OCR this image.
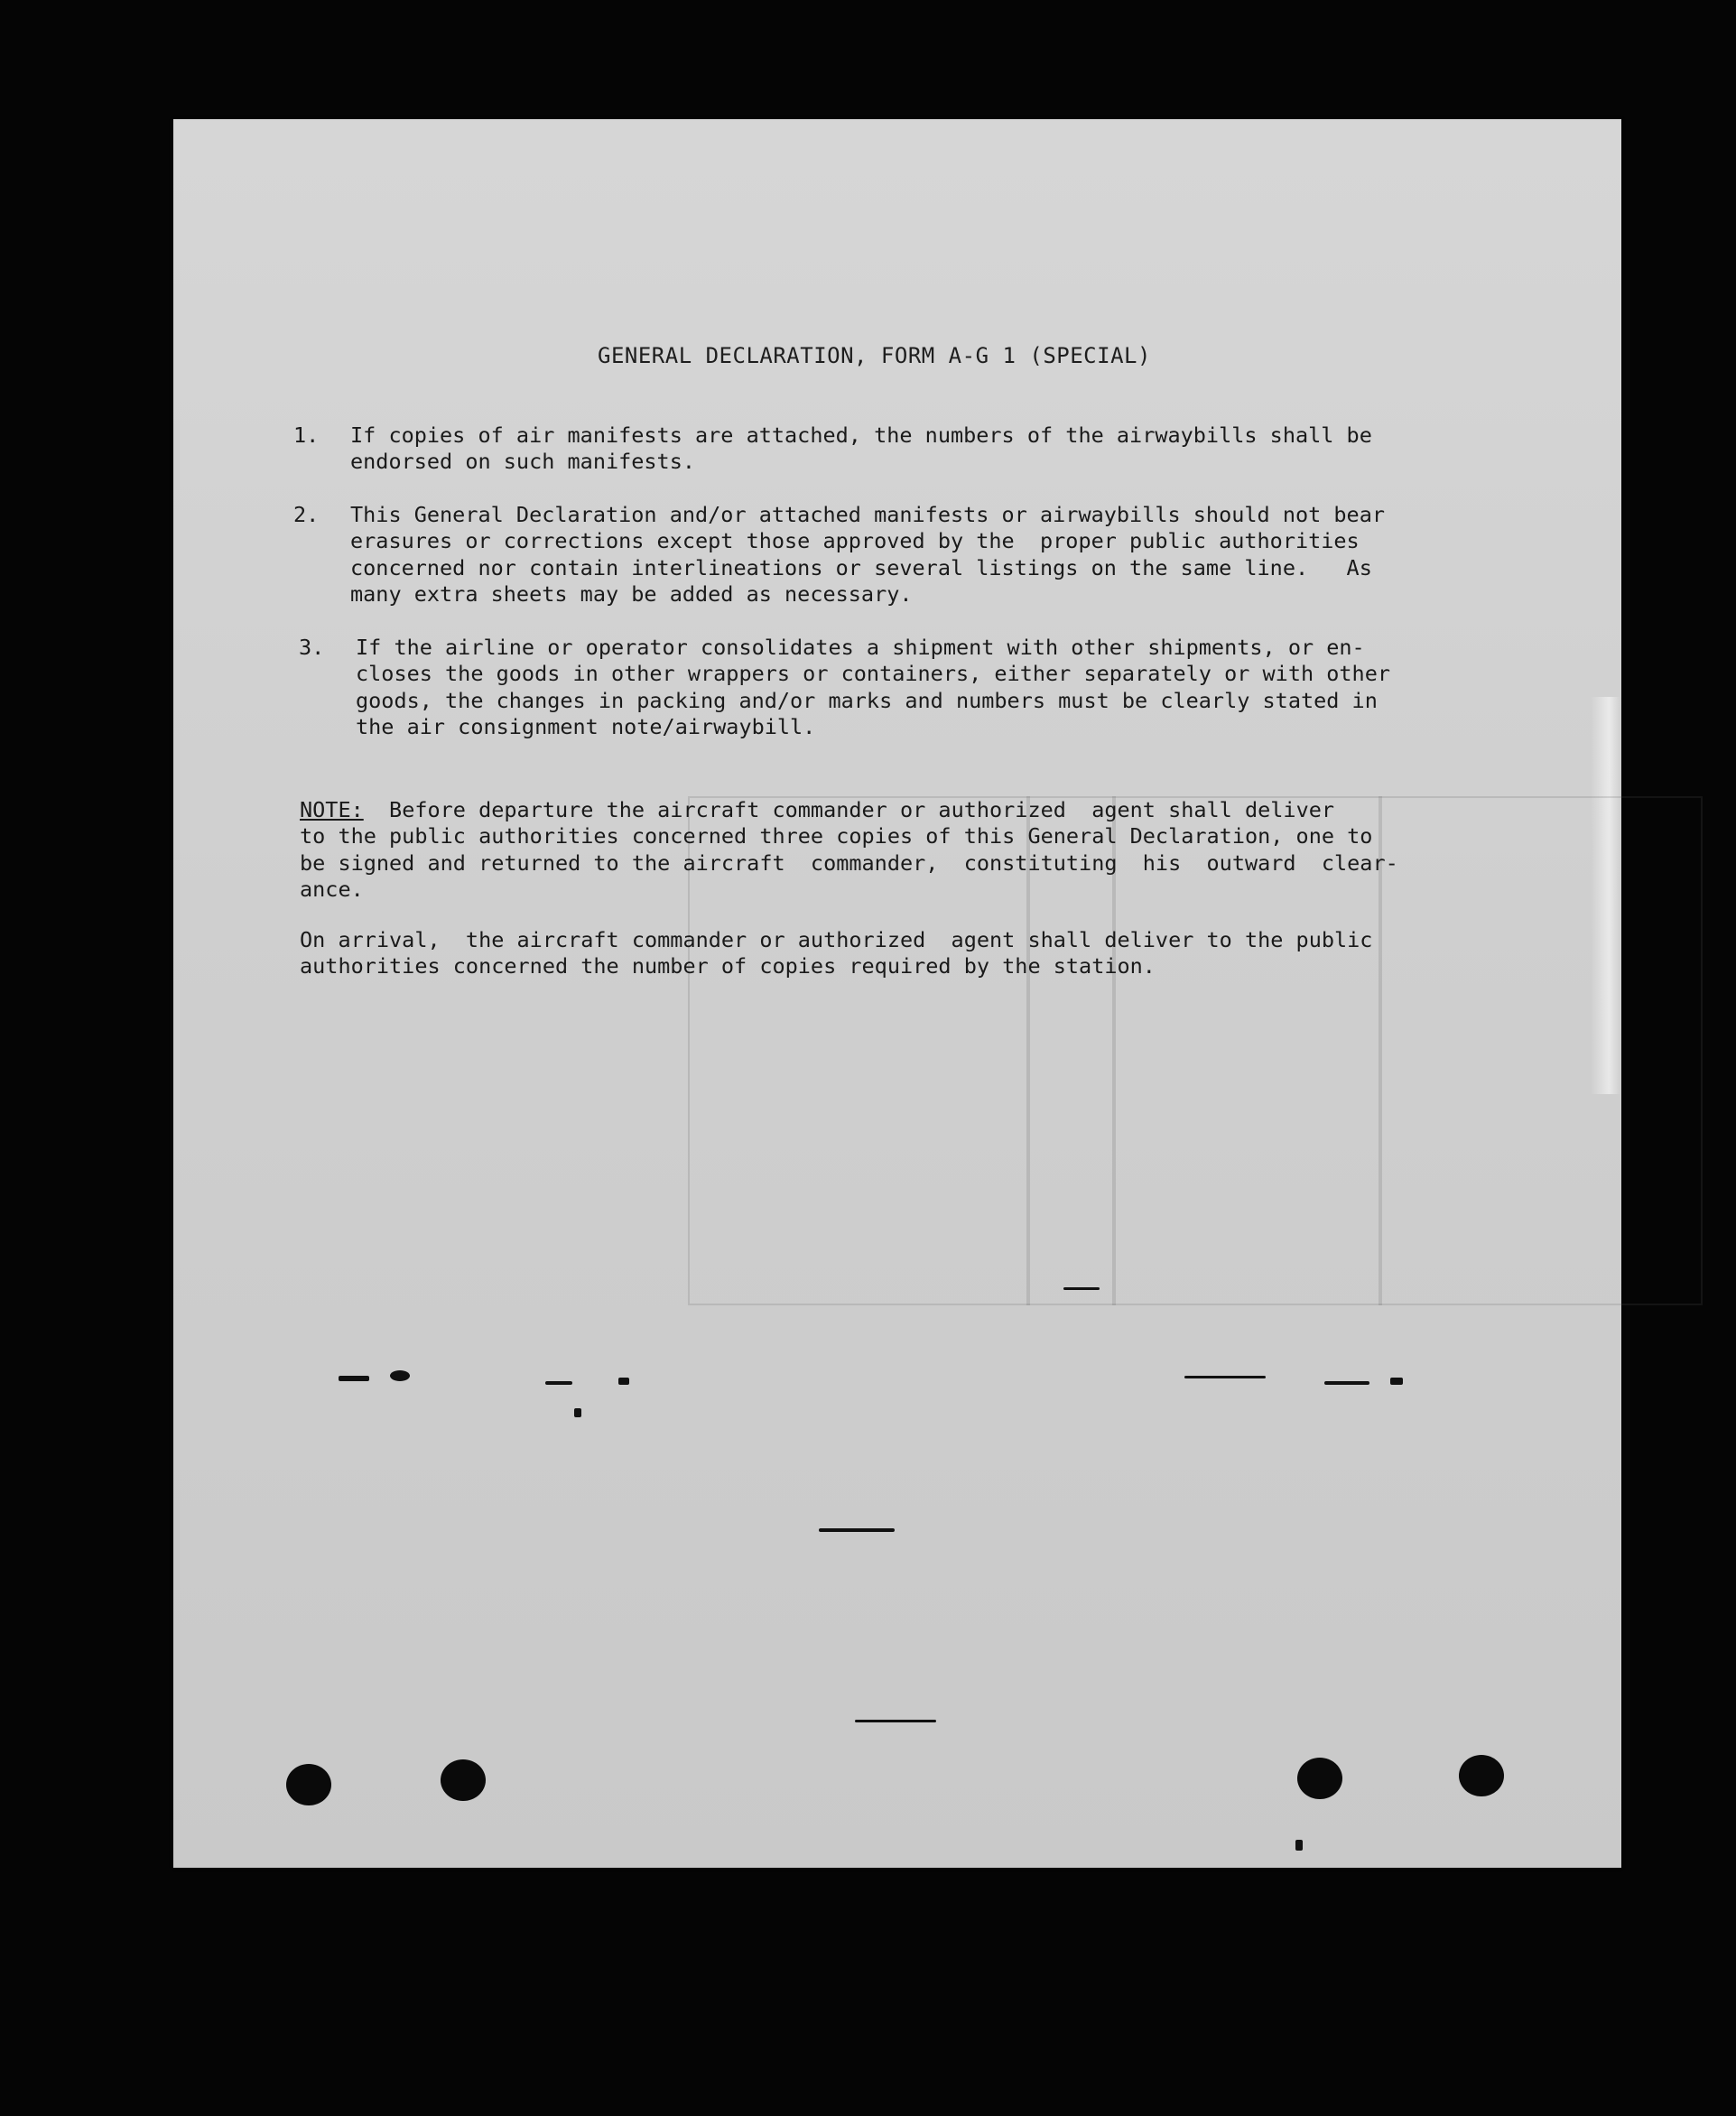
GENERAL DECLARATION, FORM A-G 1 (SPECIAL)

1.

If copies of air manifests are attached, the numbers of the airwaybills shall be

endorsed on such manifests.

2.

This General Declaration and/or attached manifests or airwaybills should not bear

erasures or corrections except those approved by the  proper public authorities

concerned nor contain interlineations or several listings on the same line.   As

many extra sheets may be added as necessary.

3.

If the airline or operator consolidates a shipment with other shipments, or en-

closes the goods in other wrappers or containers, either separately or with other

goods, the changes in packing and/or marks and numbers must be clearly stated in

the air consignment note/airwaybill.

NOTE:  Before departure the aircraft commander or authorized  agent shall deliver

to the public authorities concerned three copies of this General Declaration, one to

be signed and returned to the aircraft  commander,  constituting  his  outward  clear-

ance.

On arrival,  the aircraft commander or authorized  agent shall deliver to the public

authorities concerned the number of copies required by the station.
